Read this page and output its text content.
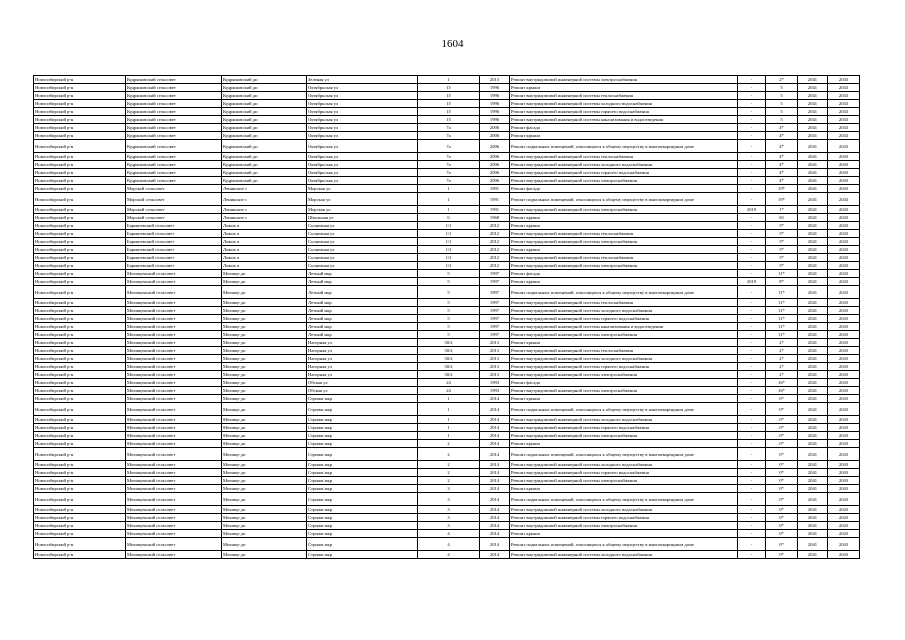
1604
Новосибирский р-н	Кудряшовский сельсовет	Кудряшовский дп	Зеленая ул	1	2013	Ремонт внутридомовой инженерной системы электроснабжения	-	2*	2041	2043
Новосибирский р-н	Кудряшовский сельсовет	Кудряшовский дп	Октябрьская ул	15	1996	Ремонт крыши	-	5	2041	2043
Новосибирский р-н	Кудряшовский сельсовет	Кудряшовский дп	Октябрьская ул	15	1996	Ремонт внутридомовой инженерной системы теплоснабжения	-	5	2041	2043
Новосибирский р-н	Кудряшовский сельсовет	Кудряшовский дп	Октябрьская ул	15	1996	Ремонт внутридомовой инженерной системы холодного водоснабжения	-	5	2041	2043
Новосибирский р-н	Кудряшовский сельсовет	Кудряшовский дп	Октябрьская ул	15	1996	Ремонт внутридомовой инженерной системы горячего водоснабжения	-	5	2041	2043
Новосибирский р-н	Кудряшовский сельсовет	Кудряшовский дп	Октябрьская ул	15	1996	Ремонт внутридомовой инженерной системы канализования и водоотведения	-	5	2041	2043
Новосибирский р-н	Кудряшовский сельсовет	Кудряшовский дп	Октябрьская ул	7а	2006	Ремонт фасада	-	4*	2041	2043
Новосибирский р-н	Кудряшовский сельсовет	Кудряшовский дп	Октябрьская ул	7а	2006	Ремонт крыши	-	4*	2041	2043
Новосибирский р-н	Кудряшовский сельсовет	Кудряшовский дп	Октябрьская ул	7а	2006	Ремонт подвальных помещений, относящихся к общему имуществу в многоквартирном доме	-	4*	2041	2043
Новосибирский р-н	Кудряшовский сельсовет	Кудряшовский дп	Октябрьская ул	7а	2006	Ремонт внутридомовой инженерной системы теплоснабжения	-	4*	2041	2043
Новосибирский р-н	Кудряшовский сельсовет	Кудряшовский дп	Октябрьская ул	7а	2006	Ремонт внутридомовой инженерной системы холодного водоснабжения	-	4*	2041	2043
Новосибирский р-н	Кудряшовский сельсовет	Кудряшовский дп	Октябрьская ул	7а	2006	Ремонт внутридомовой инженерной системы горячего водоснабжения	-	4*	2041	2043
Новосибирский р-н	Кудряшовский сельсовет	Кудряшовский дп	Октябрьская ул	7а	2006	Ремонт внутридомовой инженерной системы электроснабжения	-	4*	2041	2043
Новосибирский р-н	Морской сельсовет	Ленинское с	Морская ул	1	1991	Ремонт фасада	-	19*	2041	2043
Новосибирский р-н	Морской сельсовет	Ленинское с	Морская ул	1	1991	Ремонт подвальных помещений, относящихся к общему имуществу в многоквартирном доме	-	19*	2041	2043
Новосибирский р-н	Морской сельсовет	Ленинское с	Морская ул	1	1991	Ремонт внутридомовой инженерной системы электроснабжения	2019	1*	2041	2043
Новосибирский р-н	Морской сельсовет	Ленинское с	Школьная ул	6	1968	Ремонт крыши	-	65	2041	2043
Новосибирский р-н	Барышевский сельсовет	Ложок п	Солнечная ул	1/1	2012	Ремонт крыши	-	3*	2041	2043
Новосибирский р-н	Барышевский сельсовет	Ложок п	Солнечная ул	1/1	2012	Ремонт внутридомовой инженерной системы теплоснабжения	-	3*	2041	2043
Новосибирский р-н	Барышевский сельсовет	Ложок п	Солнечная ул	1/1	2012	Ремонт внутридомовой инженерной системы электроснабжения	-	3*	2041	2043
Новосибирский р-н	Барышевский сельсовет	Ложок п	Солнечная ул	1/2	2012	Ремонт крыши	-	3*	2041	2043
Новосибирский р-н	Барышевский сельсовет	Ложок п	Солнечная ул	1/2	2012	Ремонт внутридомовой инженерной системы теплоснабжения	-	3*	2041	2043
Новосибирский р-н	Барышевский сельсовет	Ложок п	Солнечная ул	1/2	2012	Ремонт внутридомовой инженерной системы электроснабжения	-	3*	2041	2043
Новосибирский р-н	Мочищенский сельсовет	Мочище дп	Летный мкр	5	1997	Ремонт фасада	-	11*	2041	2043
Новосибирский р-н	Мочищенский сельсовет	Мочище дп	Летный мкр	5	1997	Ремонт крыши	2019	8*	2041	2043
Новосибирский р-н	Мочищенский сельсовет	Мочище дп	Летный мкр	5	1997	Ремонт подвальных помещений, относящихся к общему имуществу в многоквартирном доме	-	11*	2041	2043
Новосибирский р-н	Мочищенский сельсовет	Мочище дп	Летный мкр	5	1997	Ремонт внутридомовой инженерной системы теплоснабжения	-	11*	2041	2043
Новосибирский р-н	Мочищенский сельсовет	Мочище дп	Летный мкр	5	1997	Ремонт внутридомовой инженерной системы холодного водоснабжения	-	11*	2041	2043
Новосибирский р-н	Мочищенский сельсовет	Мочище дп	Летный мкр	5	1997	Ремонт внутридомовой инженерной системы горячего водоснабжения	-	11*	2041	2043
Новосибирский р-н	Мочищенский сельсовет	Мочище дп	Летный мкр	5	1997	Ремонт внутридомовой инженерной системы канализования и водоотведения	-	11*	2041	2043
Новосибирский р-н	Мочищенский сельсовет	Мочище дп	Летный мкр	5	1997	Ремонт внутридомовой инженерной системы электроснабжения	-	11*	2041	2043
Новосибирский р-н	Мочищенский сельсовет	Мочище дп	Нагорная ул	30/2	2013	Ремонт крыши	-	2*	2041	2043
Новосибирский р-н	Мочищенский сельсовет	Мочище дп	Нагорная ул	30/2	2013	Ремонт внутридомовой инженерной системы теплоснабжения	-	2*	2041	2043
Новосибирский р-н	Мочищенский сельсовет	Мочище дп	Нагорная ул	30/2	2013	Ремонт внутридомовой инженерной системы холодного водоснабжения	-	2*	2041	2043
Новосибирский р-н	Мочищенский сельсовет	Мочище дп	Нагорная ул	30/2	2013	Ремонт внутридомовой инженерной системы горячего водоснабжения	-	2*	2041	2043
Новосибирский р-н	Мочищенский сельсовет	Мочище дп	Нагорная ул	30/2	2013	Ремонт внутридомовой инженерной системы электроснабжения	-	2*	2041	2043
Новосибирский р-н	Мочищенский сельсовет	Мочище дп	Обская ул	24	1993	Ремонт фасада	-	16*	2041	2043
Новосибирский р-н	Мочищенский сельсовет	Мочище дп	Обская ул	24	1993	Ремонт внутридомовой инженерной системы электроснабжения	-	16*	2041	2043
Новосибирский р-н	Мочищенский сельсовет	Мочище дп	Стрижи мкр	1	2014	Ремонт крыши	-	0*	2041	2043
Новосибирский р-н	Мочищенский сельсовет	Мочище дп	Стрижи мкр	1	2014	Ремонт подвальных помещений, относящихся к общему имуществу в многоквартирном доме	-	0*	2041	2043
Новосибирский р-н	Мочищенский сельсовет	Мочище дп	Стрижи мкр	1	2014	Ремонт внутридомовой инженерной системы холодного водоснабжения	-	0*	2041	2043
Новосибирский р-н	Мочищенский сельсовет	Мочище дп	Стрижи мкр	1	2014	Ремонт внутридомовой инженерной системы горячего водоснабжения	-	0*	2041	2043
Новосибирский р-н	Мочищенский сельсовет	Мочище дп	Стрижи мкр	1	2014	Ремонт внутридомовой инженерной системы электроснабжения	-	0*	2041	2043
Новосибирский р-н	Мочищенский сельсовет	Мочище дп	Стрижи мкр	2	2014	Ремонт крыши	-	0*	2041	2043
Новосибирский р-н	Мочищенский сельсовет	Мочище дп	Стрижи мкр	2	2014	Ремонт подвальных помещений, относящихся к общему имуществу в многоквартирном доме	-	0*	2041	2043
Новосибирский р-н	Мочищенский сельсовет	Мочище дп	Стрижи мкр	2	2014	Ремонт внутридомовой инженерной системы холодного водоснабжения	-	0*	2041	2043
Новосибирский р-н	Мочищенский сельсовет	Мочище дп	Стрижи мкр	2	2014	Ремонт внутридомовой инженерной системы горячего водоснабжения	-	0*	2041	2043
Новосибирский р-н	Мочищенский сельсовет	Мочище дп	Стрижи мкр	2	2014	Ремонт внутридомовой инженерной системы электроснабжения	-	0*	2041	2043
Новосибирский р-н	Мочищенский сельсовет	Мочище дп	Стрижи мкр	3	2014	Ремонт крыши	-	0*	2041	2043
Новосибирский р-н	Мочищенский сельсовет	Мочище дп	Стрижи мкр	3	2014	Ремонт подвальных помещений, относящихся к общему имуществу в многоквартирном доме	-	0*	2041	2043
Новосибирский р-н	Мочищенский сельсовет	Мочище дп	Стрижи мкр	3	2014	Ремонт внутридомовой инженерной системы холодного водоснабжения	-	0*	2041	2043
Новосибирский р-н	Мочищенский сельсовет	Мочище дп	Стрижи мкр	3	2014	Ремонт внутридомовой инженерной системы горячего водоснабжения	-	0*	2041	2043
Новосибирский р-н	Мочищенский сельсовет	Мочище дп	Стрижи мкр	3	2014	Ремонт внутридомовой инженерной системы электроснабжения	-	0*	2041	2043
Новосибирский р-н	Мочищенский сельсовет	Мочище дп	Стрижи мкр	4	2014	Ремонт крыши	-	0*	2041	2043
Новосибирский р-н	Мочищенский сельсовет	Мочище дп	Стрижи мкр	4	2014	Ремонт подвальных помещений, относящихся к общему имуществу в многоквартирном доме	-	0*	2041	2043
Новосибирский р-н	Мочищенский сельсовет	Мочище дп	Стрижи мкр	4	2014	Ремонт внутридомовой инженерной системы холодного водоснабжения	-	0*	2041	2043
